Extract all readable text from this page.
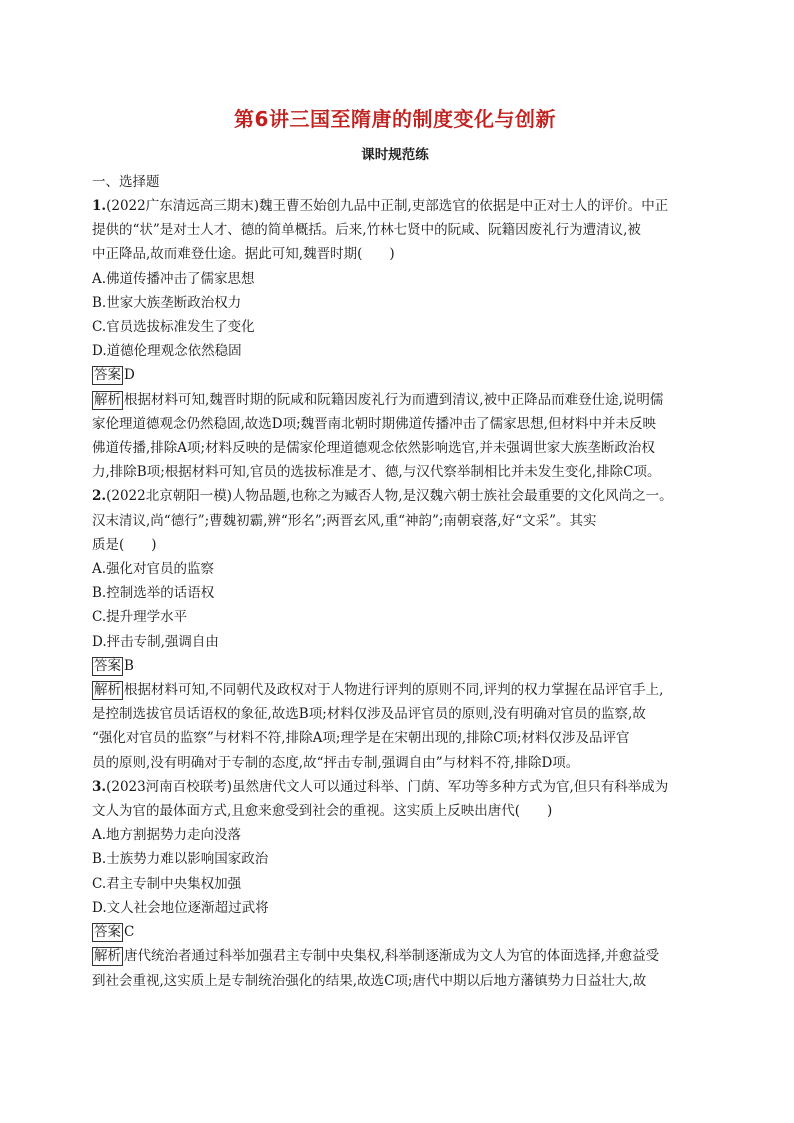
第6讲三国至隋唐的制度变化与创新
课时规范练
一、选择题
1.(2022广东清远高三期末)魏王曹丕始创九品中正制,吏部选官的依据是中正对士人的评价。中正
提供的“状”是对士人才、德的简单概括。后来,竹林七贤中的阮咸、阮籍因废礼行为遭清议,被
中正降品,故而难登仕途。据此可知,魏晋时期(　　)
A.佛道传播冲击了儒家思想
B.世家大族垄断政治权力
C.官员选拔标准发生了变化
D.道德伦理观念依然稳固
答案 D
解析 根据材料可知,魏晋时期的阮咸和阮籍因废礼行为而遭到清议,被中正降品而难登仕途,说明儒
家伦理道德观念仍然稳固,故选D项;魏晋南北朝时期佛道传播冲击了儒家思想,但材料中并未反映
佛道传播,排除A项;材料反映的是儒家伦理道德观念依然影响选官,并未强调世家大族垄断政治权
力,排除B项;根据材料可知,官员的选拔标准是才、德,与汉代察举制相比并未发生变化,排除C项。
2.(2022北京朝阳一模)人物品题,也称之为臧否人物,是汉魏六朝士族社会最重要的文化风尚之一。
汉末清议,尚“德行”;曹魏初霸,辨“形名”;两晋玄风,重“神韵”;南朝衰落,好“文采”。其实
质是(　　)
A.强化对官员的监察
B.控制选举的话语权
C.提升理学水平
D.抨击专制,强调自由
答案 B
解析 根据材料可知,不同朝代及政权对于人物进行评判的原则不同,评判的权力掌握在品评官手上,
是控制选拔官员话语权的象征,故选B项;材料仅涉及品评官员的原则,没有明确对官员的监察,故
“强化对官员的监察”与材料不符,排除A项;理学是在宋朝出现的,排除C项;材料仅涉及品评官
员的原则,没有明确对于专制的态度,故“抨击专制,强调自由”与材料不符,排除D项。
3.(2023河南百校联考)虽然唐代文人可以通过科举、门荫、军功等多种方式为官,但只有科举成为
文人为官的最体面方式,且愈来愈受到社会的重视。这实质上反映出唐代(　　)
A.地方割据势力走向没落
B.士族势力难以影响国家政治
C.君主专制中央集权加强
D.文人社会地位逐渐超过武将
答案 C
解析 唐代统治者通过科举加强君主专制中央集权,科举制逐渐成为文人为官的体面选择,并愈益受
到社会重视,这实质上是专制统治强化的结果,故选C项;唐代中期以后地方藩镇势力日益壮大,故
